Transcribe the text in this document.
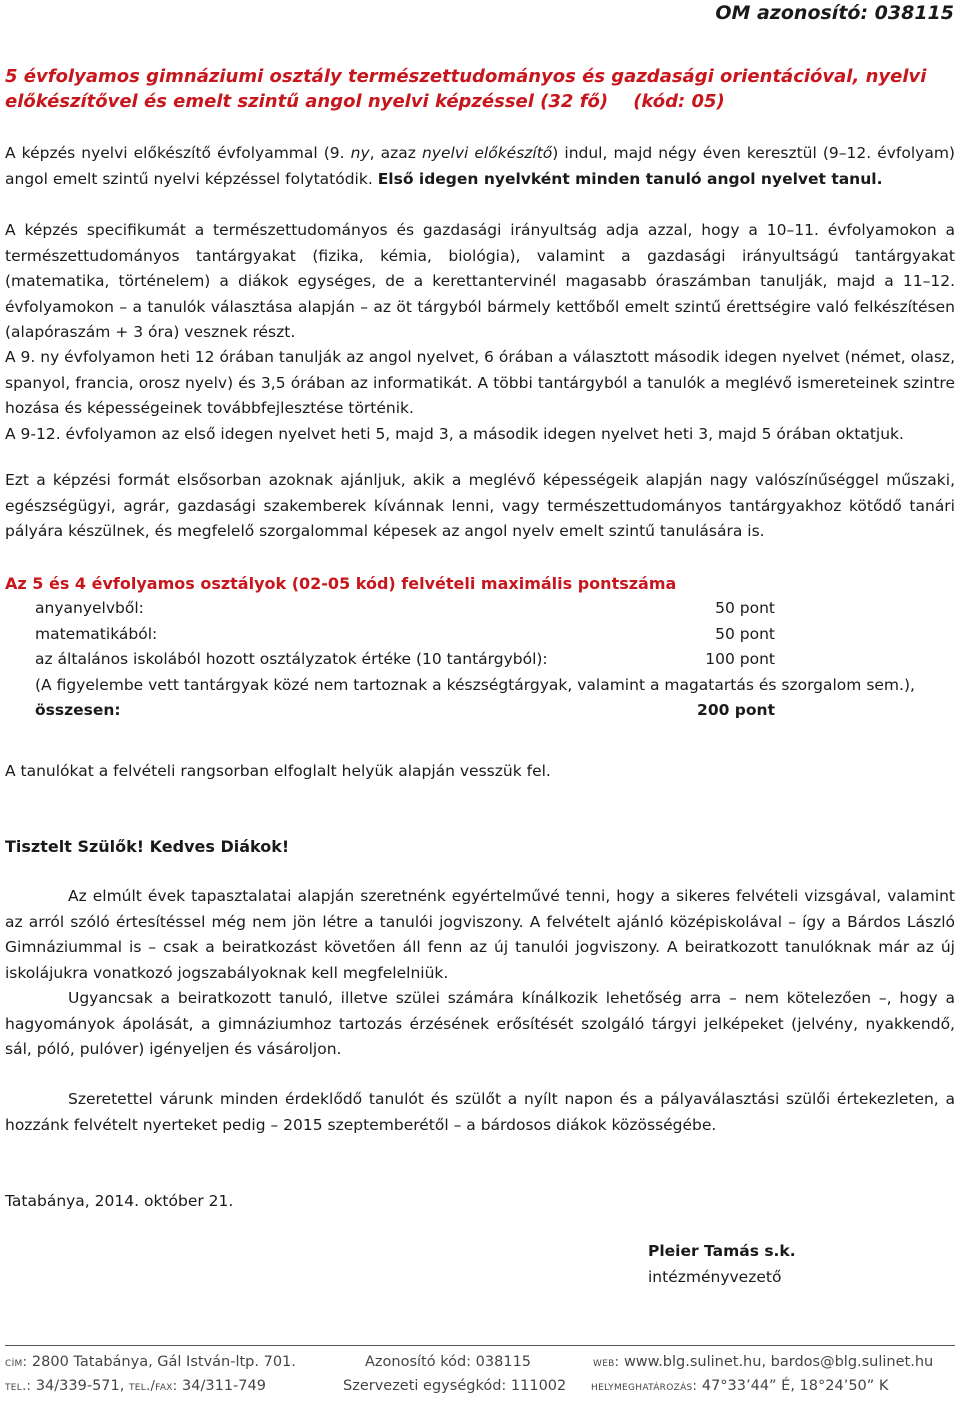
OM azonosító: 038115
5 évfolyamos gimnáziumi osztály természettudományos és gazdasági orientációval, nyelvi
előkészítővel és emelt szintű angol nyelvi képzéssel (32 fő)    (kód: 05)
A képzés nyelvi előkészítő évfolyammal (9. ny, azaz nyelvi előkészítő) indul, majd négy éven keresztül (9–12. évfolyam) angol emelt szintű nyelvi képzéssel folytatódik. Első idegen nyelvként minden tanuló angol nyelvet tanul.
A képzés specifikumát a természettudományos és gazdasági irányultság adja azzal, hogy a 10–11. évfolyamokon a természettudományos tantárgyakat (fizika, kémia, biológia), valamint a gazdasági irányultságú tantárgyakat (matematika, történelem) a diákok egységes, de a kerettantervinél magasabb óraszámban tanulják, majd a 11–12. évfolyamokon – a tanulók választása alapján – az öt tárgyból bármely kettőből emelt szintű érettségire való felkészítésen (alapóraszám + 3 óra) vesznek részt.
A 9. ny évfolyamon heti 12 órában tanulják az angol nyelvet, 6 órában a választott második idegen nyelvet (német, olasz, spanyol, francia, orosz nyelv) és 3,5 órában az informatikát. A többi tantárgyból a tanulók a meglévő ismereteinek szintre hozása és képességeinek továbbfejlesztése történik.
A 9-12. évfolyamon az első idegen nyelvet heti 5, majd 3, a második idegen nyelvet heti 3, majd 5 órában oktatjuk.
Ezt a képzési formát elsősorban azoknak ajánljuk, akik a meglévő képességeik alapján nagy valószínűséggel műszaki, egészségügyi, agrár, gazdasági szakemberek kívánnak lenni, vagy természettudományos tantárgyakhoz kötődő tanári pályára készülnek, és megfelelő szorgalommal képesek az angol nyelv emelt szintű tanulására is.
Az 5 és 4 évfolyamos osztályok (02-05 kód) felvételi maximális pontszáma
anyanyelvből:	50 pont
matematikából:	50 pont
az általános iskolából hozott osztályzatok értéke (10 tantárgyból):	100 pont
(A figyelembe vett tantárgyak közé nem tartoznak a készségtárgyak, valamint a magatartás és szorgalom sem.),
összesen:	200 pont
A tanulókat a felvételi rangsorban elfoglalt helyük alapján vesszük fel.
Tisztelt Szülők! Kedves Diákok!
Az elmúlt évek tapasztalatai alapján szeretnénk egyértelművé tenni, hogy a sikeres felvételi vizsgával, valamint az arról szóló értesítéssel még nem jön létre a tanulói jogviszony. A felvételt ajánló középiskolával – így a Bárdos László Gimnáziummal is – csak a beiratkozást követően áll fenn az új tanulói jogviszony. A beiratkozott tanulóknak már az új iskolájukra vonatkozó jogszabályoknak kell megfelelniük.
Ugyancsak a beiratkozott tanuló, illetve szülei számára kínálkozik lehetőség arra – nem kötelezően –, hogy a hagyományok ápolását, a gimnáziumhoz tartozás érzésének erősítését szolgáló tárgyi jelképeket (jelvény, nyakkendő, sál, póló, pulóver) igényeljen és vásároljon.
Szeretettel várunk minden érdeklődő tanulót és szülőt a nyílt napon és a pályaválasztási szülői értekezleten, a hozzánk felvételt nyerteket pedig – 2015 szeptemberétől – a bárdosos diákok közösségébe.
Tatabánya, 2014. október 21.
Pleier Tamás s.k.
intézményvezető
cím: 2800 Tatabánya, Gál István-ltp. 701.	Azonosító kód: 038115	web: www.blg.sulinet.hu, bardos@blg.sulinet.hu
tel.: 34/339-571, tel./fax: 34/311-749	Szervezeti egységkód: 111002 helymeghatározás: 47°33’44” É, 18°24’50” K
